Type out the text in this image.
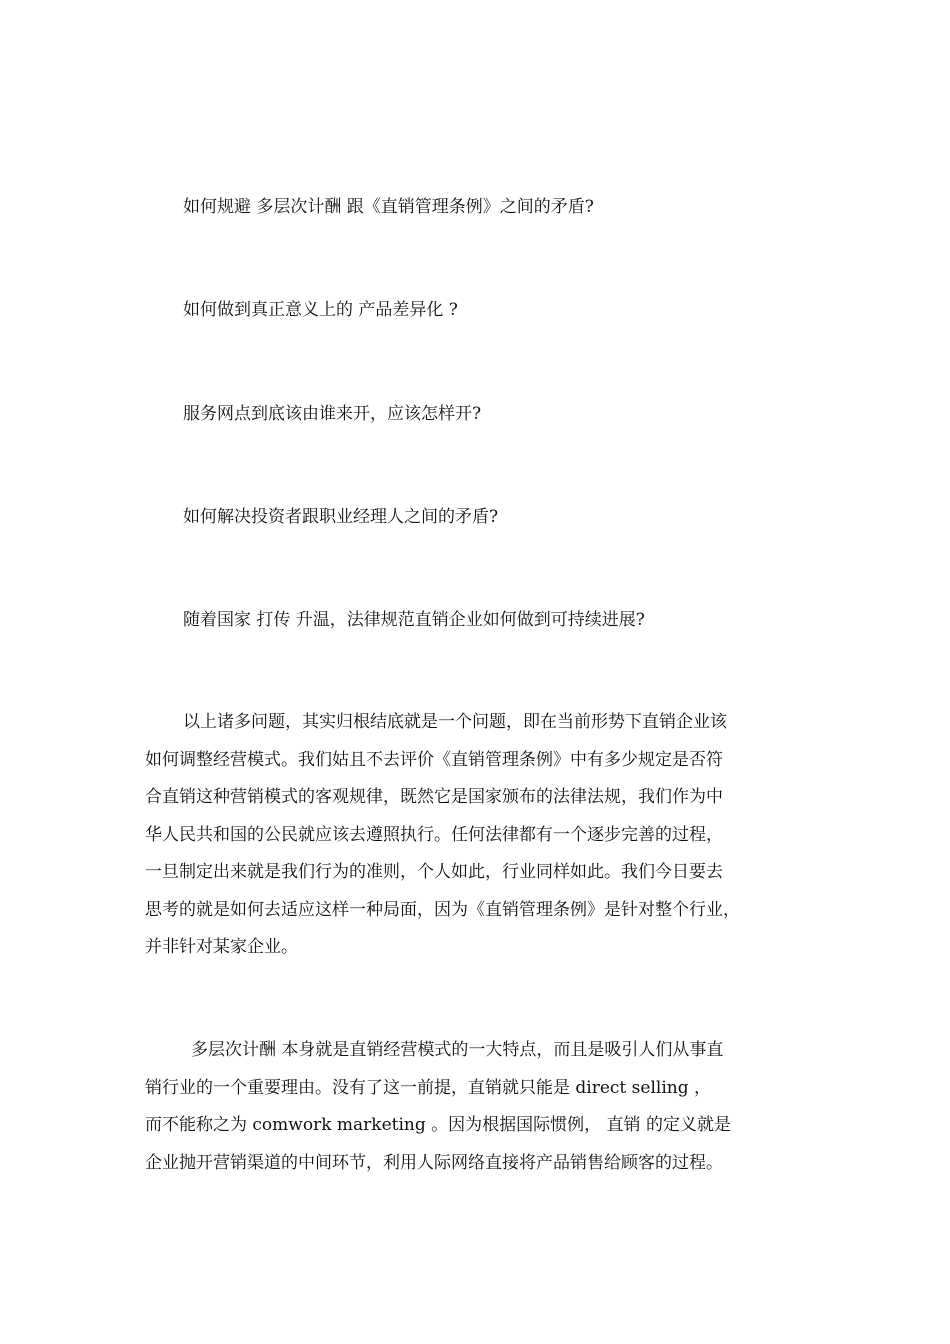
如何规避 多层次计酬 跟《直销管理条例》之间的矛盾?
如何做到真正意义上的 产品差异化 ?
服务网点到底该由谁来开，应该怎样开?
如何解决投资者跟职业经理人之间的矛盾?
随着国家 打传 升温，法律规范直销企业如何做到可持续进展?
以上诸多问题，其实归根结底就是一个问题，即在当前形势下直销企业该
如何调整经营模式。我们姑且不去评价《直销管理条例》中有多少规定是否符
合直销这种营销模式的客观规律，既然它是国家颁布的法律法规，我们作为中
华人民共和国的公民就应该去遵照执行。任何法律都有一个逐步完善的过程，
一旦制定出来就是我们行为的准则，个人如此，行业同样如此。我们今日要去
思考的就是如何去适应这样一种局面，因为《直销管理条例》是针对整个行业，
并非针对某家企业。
多层次计酬 本身就是直销经营模式的一大特点，而且是吸引人们从事直
销行业的一个重要理由。没有了这一前提，直销就只能是 direct selling ，
而不能称之为 comwork marketing 。因为根据国际惯例， 直销 的定义就是
企业抛开营销渠道的中间环节，利用人际网络直接将产品销售给顾客的过程。
